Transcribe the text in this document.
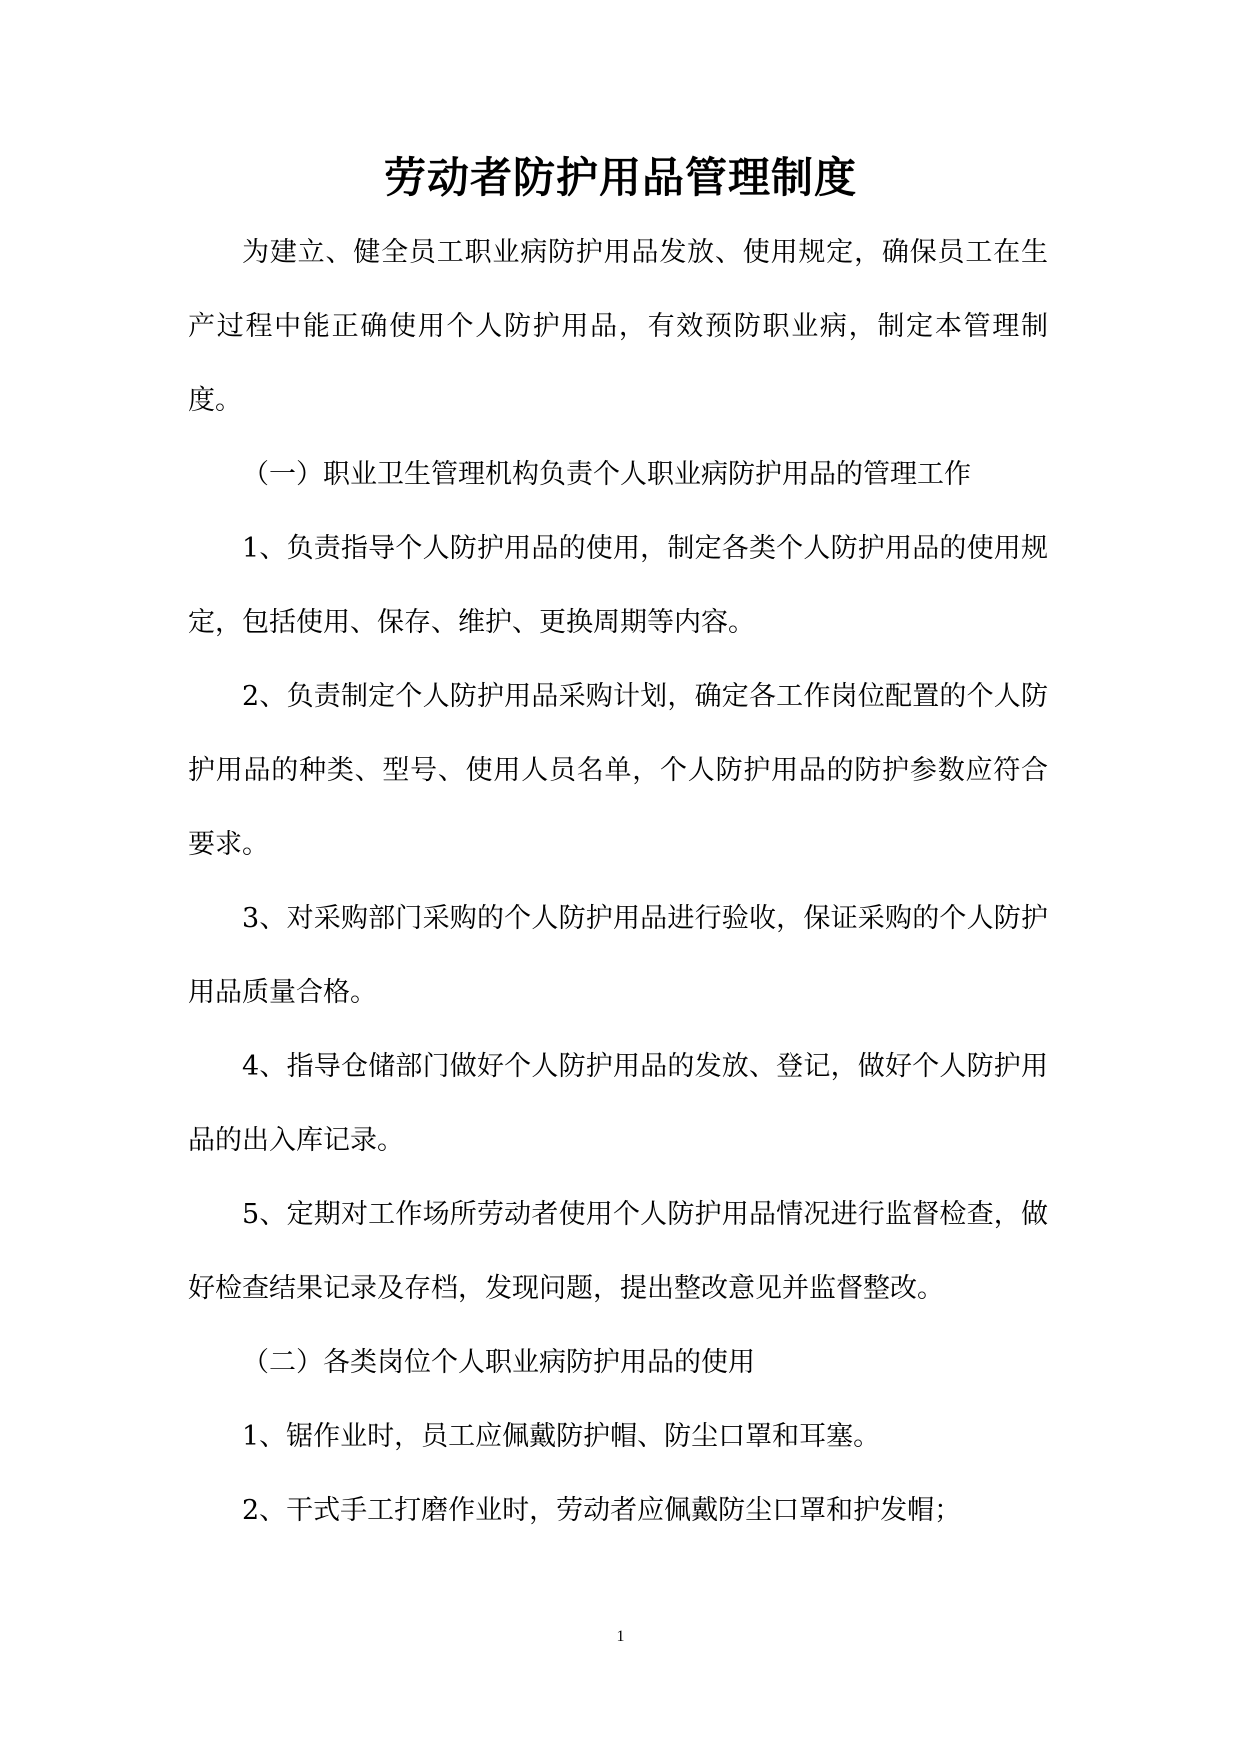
劳动者防护用品管理制度

为建立、健全员工职业病防护用品发放、使用规定，确保员工在生产过程中能正确使用个人防护用品，有效预防职业病，制定本管理制度。

（一）职业卫生管理机构负责个人职业病防护用品的管理工作

1、负责指导个人防护用品的使用，制定各类个人防护用品的使用规定，包括使用、保存、维护、更换周期等内容。

2、负责制定个人防护用品采购计划，确定各工作岗位配置的个人防护用品的种类、型号、使用人员名单，个人防护用品的防护参数应符合要求。

3、对采购部门采购的个人防护用品进行验收，保证采购的个人防护用品质量合格。

4、指导仓储部门做好个人防护用品的发放、登记，做好个人防护用品的出入库记录。

5、定期对工作场所劳动者使用个人防护用品情况进行监督检查，做好检查结果记录及存档，发现问题，提出整改意见并监督整改。

（二）各类岗位个人职业病防护用品的使用

1、锯作业时，员工应佩戴防护帽、防尘口罩和耳塞。

2、干式手工打磨作业时，劳动者应佩戴防尘口罩和护发帽；

1
